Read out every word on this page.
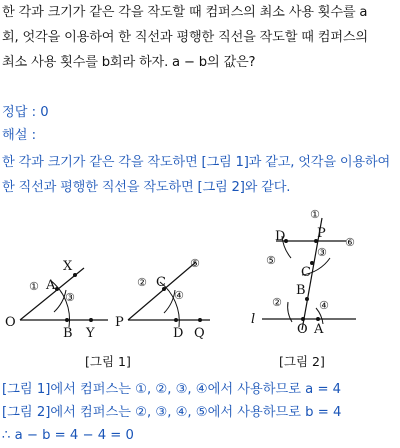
한 각과 크기가 같은 각을 작도할 때 컴퍼스의 최소 사용 횟수를 a
회, 엇각을 이용하여 한 직선과 평행한 직선을 작도할 때 컴퍼스의
최소 사용 횟수를 b회라 하자. a − b의 값은?
정답 : 0
해설 :
한 각과 크기가 같은 각을 작도하면 [그림 1]과 같고, 엇각을 이용하여
한 직선과 평행한 직선을 작도하면 [그림 2]와 같다.
X
A
O
B Y
①
③
C
P
D Q
②
④
⑤
①
P
D	⑥
⑤
③
C
B
②	④
l
O A
[그림 1]	[그림 2]
[그림 1]에서 컴퍼스는 ①, ②, ③, ④에서 사용하므로 a = 4
[그림 2]에서 컴퍼스는 ②, ③, ④, ⑤에서 사용하므로 b = 4
∴ a − b = 4 − 4 = 0
